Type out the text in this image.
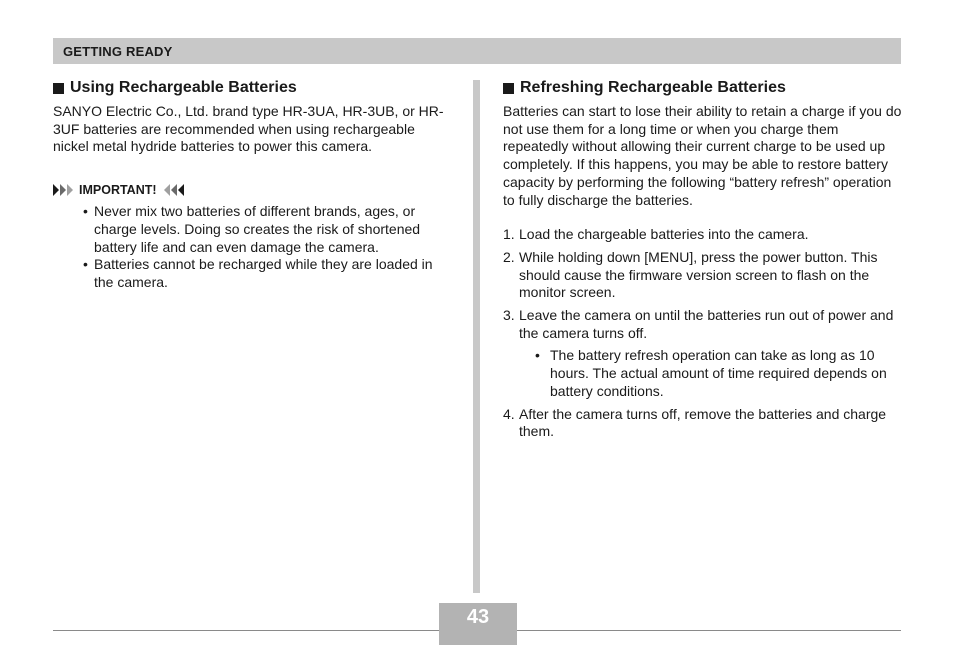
GETTING READY
Using Rechargeable Batteries

SANYO Electric Co., Ltd. brand type HR-3UA, HR-3UB, or HR-3UF batteries are recommended when using rechargeable nickel metal hydride batteries to power this camera.

IMPORTANT!
• Never mix two batteries of different brands, ages, or charge levels. Doing so creates the risk of shortened battery life and can even damage the camera.
• Batteries cannot be recharged while they are loaded in the camera.
Refreshing Rechargeable Batteries

Batteries can start to lose their ability to retain a charge if you do not use them for a long time or when you charge them repeatedly without allowing their current charge to be used up completely. If this happens, you may be able to restore battery capacity by performing the following “battery refresh” operation to fully discharge the batteries.

1. Load the chargeable batteries into the camera.
2. While holding down [MENU], press the power button. This should cause the firmware version screen to flash on the monitor screen.
3. Leave the camera on until the batteries run out of power and the camera turns off.
• The battery refresh operation can take as long as 10 hours. The actual amount of time required depends on battery conditions.
4. After the camera turns off, remove the batteries and charge them.
43
